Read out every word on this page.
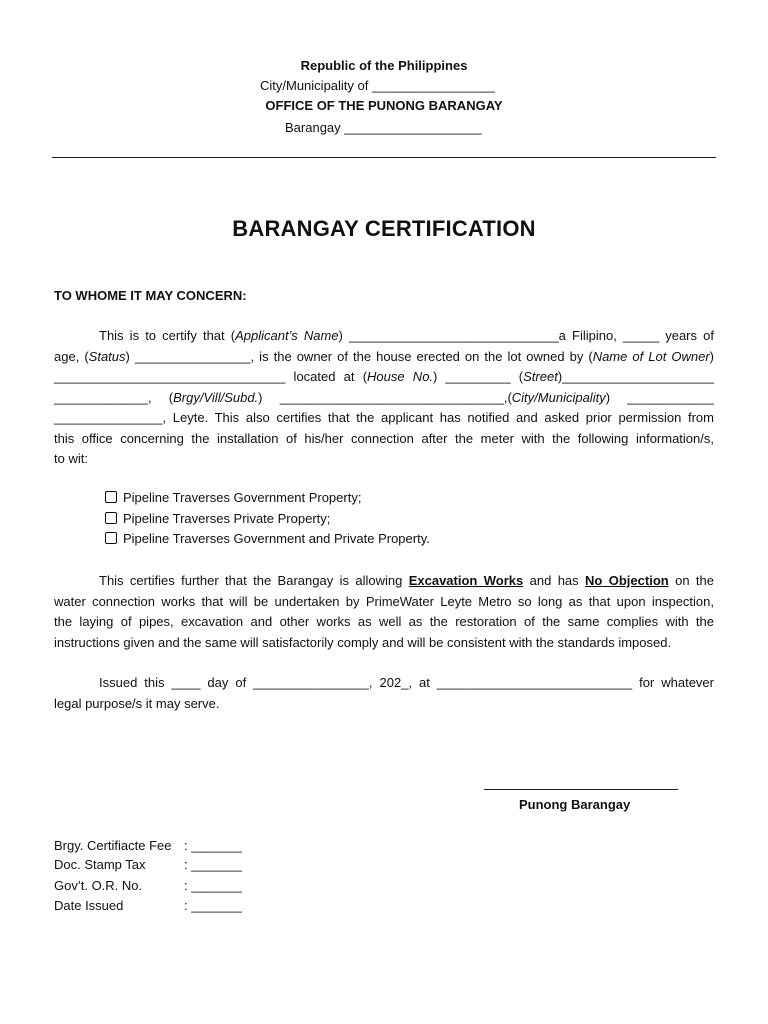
Republic of the Philippines
City/Municipality of _________________
OFFICE OF THE PUNONG BARANGAY
Barangay ___________________
BARANGAY CERTIFICATION
TO WHOME IT MAY CONCERN:
This is to certify that (Applicant’s Name) _____________________________a Filipino, _____ years of
age, (Status) ________________, is the owner of the house erected on the lot owned by (Name of Lot Owner)
________________________________ located at (House No.) _________ (Street)_____________________
_____________, (Brgy/Vill/Subd.) _______________________________,(City/Municipality) ____________
_______________, Leyte. This also certifies that the applicant has notified and asked prior permission from
this office concerning the installation of his/her connection after the meter with the following information/s,
to wit:
Pipeline Traverses Government Property;
Pipeline Traverses Private Property;
Pipeline Traverses Government and Private Property.
This certifies further that the Barangay is allowing Excavation Works and has No Objection on the
water connection works that will be undertaken by PrimeWater Leyte Metro so long as that upon inspection,
the laying of pipes, excavation and other works as well as the restoration of the same complies with the
instructions given and the same will satisfactorily comply and will be consistent with the standards imposed.
Issued this ____ day of ________________, 202_, at ___________________________ for whatever
legal purpose/s it may serve.
Punong Barangay
Brgy. Certifiacte Fee : _______
Doc. Stamp Tax	: _______
Gov’t. O.R. No.	: _______
Date Issued	: _______
